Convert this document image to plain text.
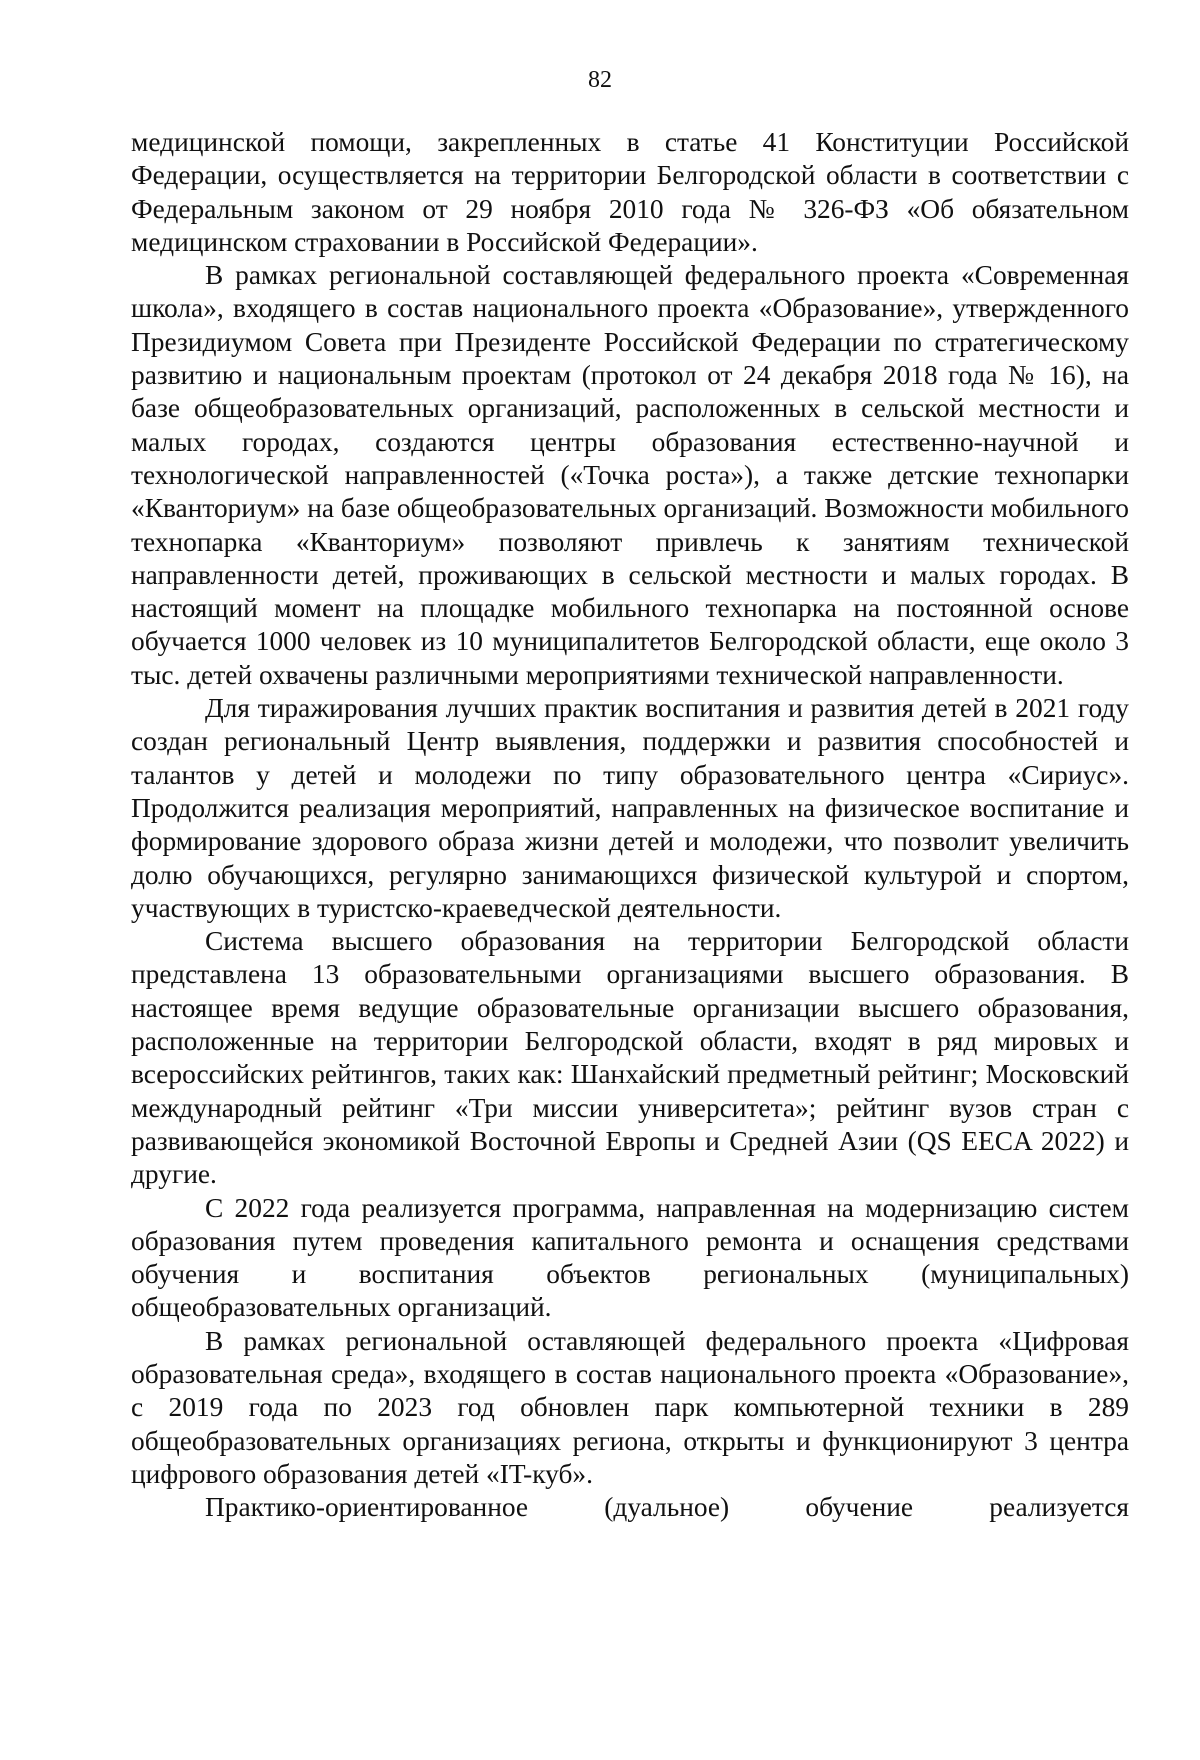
82

медицинской помощи, закрепленных в статье 41 Конституции Российской Федерации, осуществляется на территории Белгородской области в соответствии с Федеральным законом от 29 ноября 2010 года № 326-ФЗ «Об обязательном медицинском страховании в Российской Федерации».

В рамках региональной составляющей федерального проекта «Современная школа», входящего в состав национального проекта «Образование», утвержденного Президиумом Совета при Президенте Российской Федерации по стратегическому развитию и национальным проектам (протокол от 24 декабря 2018 года № 16), на базе общеобразовательных организаций, расположенных в сельской местности и малых городах, создаются центры образования естественно-научной и технологической направленностей («Точка роста»), а также детские технопарки «Кванториум» на базе общеобразовательных организаций. Возможности мобильного технопарка «Кванториум» позволяют привлечь к занятиям технической направленности детей, проживающих в сельской местности и малых городах. В настоящий момент на площадке мобильного технопарка на постоянной основе обучается 1000 человек из 10 муниципалитетов Белгородской области, еще около 3 тыс. детей охвачены различными мероприятиями технической направленности.

Для тиражирования лучших практик воспитания и развития детей в 2021 году создан региональный Центр выявления, поддержки и развития способностей и талантов у детей и молодежи по типу образовательного центра «Сириус». Продолжится реализация мероприятий, направленных на физическое воспитание и формирование здорового образа жизни детей и молодежи, что позволит увеличить долю обучающихся, регулярно занимающихся физической культурой и спортом, участвующих в туристско-краеведческой деятельности.

Система высшего образования на территории Белгородской области представлена 13 образовательными организациями высшего образования. В настоящее время ведущие образовательные организации высшего образования, расположенные на территории Белгородской области, входят в ряд мировых и всероссийских рейтингов, таких как: Шанхайский предметный рейтинг; Московский международный рейтинг «Три миссии университета»; рейтинг вузов стран с развивающейся экономикой Восточной Европы и Средней Азии (QS EECA 2022) и другие.

С 2022 года реализуется программа, направленная на модернизацию систем образования путем проведения капитального ремонта и оснащения средствами обучения и воспитания объектов региональных (муниципальных) общеобразовательных организаций.

В рамках региональной оставляющей федерального проекта «Цифровая образовательная среда», входящего в состав национального проекта «Образование», с 2019 года по 2023 год обновлен парк компьютерной техники в 289 общеобразовательных организациях региона, открыты и функционируют 3 центра цифрового образования детей «IT-куб».

Практико-ориентированное (дуальное) обучение реализуется
